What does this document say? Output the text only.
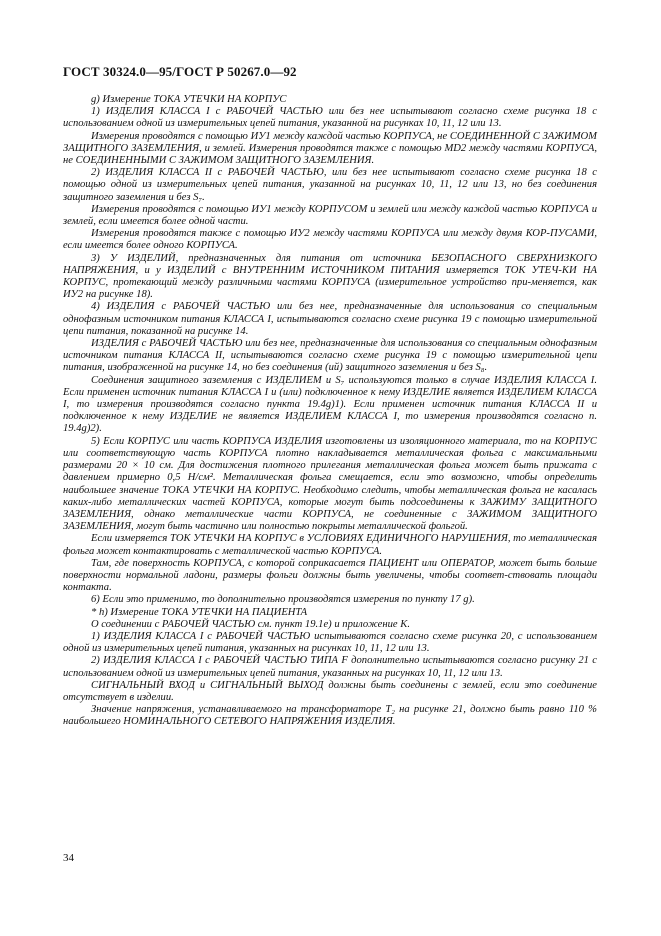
ГОСТ 30324.0—95/ГОСТ Р 50267.0—92

g) Измерение ТОКА УТЕЧКИ НА КОРПУС

1) ИЗДЕЛИЯ КЛАССА I с РАБОЧЕЙ ЧАСТЬЮ или без нее испытывают согласно схеме рисунка 18 с использованием одной из измерительных цепей питания, указанной на рисунках 10, 11, 12 или 13.

Измерения проводятся с помощью ИУ1 между каждой частью КОРПУСА, не СОЕДИНЕННОЙ С ЗАЖИМОМ ЗАЩИТНОГО ЗАЗЕМЛЕНИЯ, и землей. Измерения проводятся также с помощью MD2 между частями КОРПУСА, не СОЕДИНЕННЫМИ С ЗАЖИМОМ ЗАЩИТНОГО ЗАЗЕМЛЕНИЯ.

2) ИЗДЕЛИЯ КЛАССА II с РАБОЧЕЙ ЧАСТЬЮ, или без нее испытывают согласно схеме рисунка 18 с помощью одной из измерительных цепей питания, указанной на рисунках 10, 11, 12 или 13, но без соединения защитного заземления и без S₇.

Измерения проводятся с помощью ИУ1 между КОРПУСОМ и землей или между каждой частью КОРПУСА и землей, если имеется более одной части.

Измерения проводятся также с помощью ИУ2 между частями КОРПУСА или между двумя КОР-ПУСАМИ, если имеется более одного КОРПУСА.

3) У ИЗДЕЛИЙ, предназначенных для питания от источника БЕЗОПАСНОГО СВЕРХНИЗКОГО НАПРЯЖЕНИЯ, и у ИЗДЕЛИЙ с ВНУТРЕННИМ ИСТОЧНИКОМ ПИТАНИЯ измеряется ТОК УТЕЧ-КИ НА КОРПУС, протекающий между различными частями КОРПУСА (измерительное устройство при-меняется, как ИУ2 на рисунке 18).

4) ИЗДЕЛИЯ с РАБОЧЕЙ ЧАСТЬЮ или без нее, предназначенные для использования со специальным однофазным источником питания КЛАССА I, испытываются согласно схеме рисунка 19 с помощью измерительной цепи питания, показанной на рисунке 14.

ИЗДЕЛИЯ с РАБОЧЕЙ ЧАСТЬЮ или без нее, предназначенные для использования со специальным однофазным источником питания КЛАССА II, испытываются согласно схеме рисунка 19 с помощью измерительной цепи питания, изображенной на рисунке 14, но без соединения (ий) защитного заземления и без S₈.

Соединения защитного заземления с ИЗДЕЛИЕМ и S₇ используются только в случае ИЗДЕЛИЯ КЛАССА I. Если применен источник питания КЛАССА I и (или) подключенное к нему ИЗДЕЛИЕ является ИЗДЕЛИЕМ КЛАССА I, то измерения производятся согласно пункта 19.4g)1). Если применен источник питания КЛАССА II и подключенное к нему ИЗДЕЛИЕ не является ИЗДЕЛИЕМ КЛАССА I, то измерения производятся согласно п. 19.4g)2).

5) Если КОРПУС или часть КОРПУСА ИЗДЕЛИЯ изготовлены из изоляционного материала, то на КОРПУС или соответствующую часть КОРПУСА плотно накладывается металлическая фольга с максимальными размерами 20 × 10 см. Для достижения плотного прилегания металлическая фольга может быть прижата с давлением примерно 0,5 Н/см². Металлическая фольга смещается, если это возможно, чтобы определить наибольшее значение ТОКА УТЕЧКИ НА КОРПУС. Необходимо следить, чтобы металлическая фольга не касалась каких-либо металлических частей КОРПУСА, которые могут быть подсоединены к ЗАЖИМУ ЗАЩИТНОГО ЗАЗЕМЛЕНИЯ, однако металлические части КОРПУСА, не соединенные с ЗАЖИМОМ ЗАЩИТНОГО ЗАЗЕМЛЕНИЯ, могут быть частично или полностью покрыты металлической фольгой.

Если измеряется ТОК УТЕЧКИ НА КОРПУС в УСЛОВИЯХ ЕДИНИЧНОГО НАРУШЕНИЯ, то металлическая фольга может контактировать с металлической частью КОРПУСА.

Там, где поверхность КОРПУСА, с которой соприкасается ПАЦИЕНТ или ОПЕРАТОР, может быть больше поверхности нормальной ладони, размеры фольги должны быть увеличены, чтобы соответ-ствовать площади контакта.

6) Если это применимо, то дополнительно производятся измерения по пункту 17 g).

* h) Измерение ТОКА УТЕЧКИ НА ПАЦИЕНТА

О соединении с РАБОЧЕЙ ЧАСТЬЮ см. пункт 19.1e) и приложение K.

1) ИЗДЕЛИЯ КЛАССА I с РАБОЧЕЙ ЧАСТЬЮ испытываются согласно схеме рисунка 20, с использованием одной из измерительных цепей питания, указанных на рисунках 10, 11, 12 или 13.

2) ИЗДЕЛИЯ КЛАССА I с РАБОЧЕЙ ЧАСТЬЮ ТИПА F дополнительно испытываются согласно рисунку 21 с использованием одной из измерительных цепей питания, указанных на рисунках 10, 11, 12 или 13.

СИГНАЛЬНЫЙ ВХОД и СИГНАЛЬНЫЙ ВЫХОД должны быть соединены с землей, если это соединение отсутствует в изделии.

Значение напряжения, устанавливаемого на трансформаторе T₂ на рисунке 21, должно быть равно 110 % наибольшего НОМИНАЛЬНОГО СЕТЕВОГО НАПРЯЖЕНИЯ ИЗДЕЛИЯ.

34
